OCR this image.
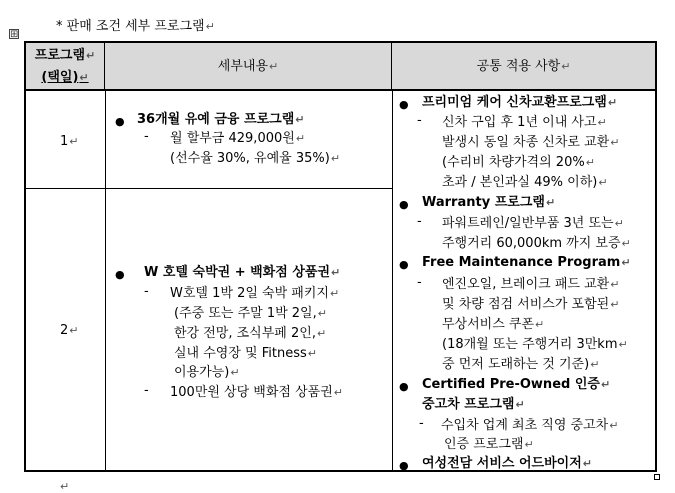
* 판매 조건 세부 프로그램↵
⊞
프로그램↵
(택일)↵
세부내용↵	공통 적용 사항↵
1↵
● 36개월 유예 금융 프로그램↵
- 월 할부금 429,000원↵
(선수율 30%, 유예율 35%)↵
2↵
● W 호텔 숙박권 + 백화점 상품권↵
- W호텔 1박 2일 숙박 패키지↵
(주중 또는 주말 1박 2일,↵
한강 전망, 조식부페 2인,↵
실내 수영장 및 Fitness↵
이용가능)↵
- 100만원 상당 백화점 상품권↵
● 프리미엄 케어 신차교환프로그램↵
- 신차 구입 후 1년 이내 사고↵
발생시 동일 차종 신차로 교환↵
(수리비 차량가격의 20%↵
초과 / 본인과실 49% 이하)↵
● Warranty 프로그램↵
- 파워트레인/일반부품 3년 또는↵
주행거리 60,000km 까지 보증↵
● Free Maintenance Program↵
- 엔진오일, 브레이크 패드 교환↵
및 차량 점검 서비스가 포함된↵
무상서비스 쿠폰↵
(18개월 또는 주행거리 3만km↵
중 먼저 도래하는 것 기준)↵
● Certified Pre-Owned 인증↵
중고차 프로그램↵
- 수입차 업계 최초 직영 중고차↵
인증 프로그램↵
● 여성전담 서비스 어드바이저↵
↵
